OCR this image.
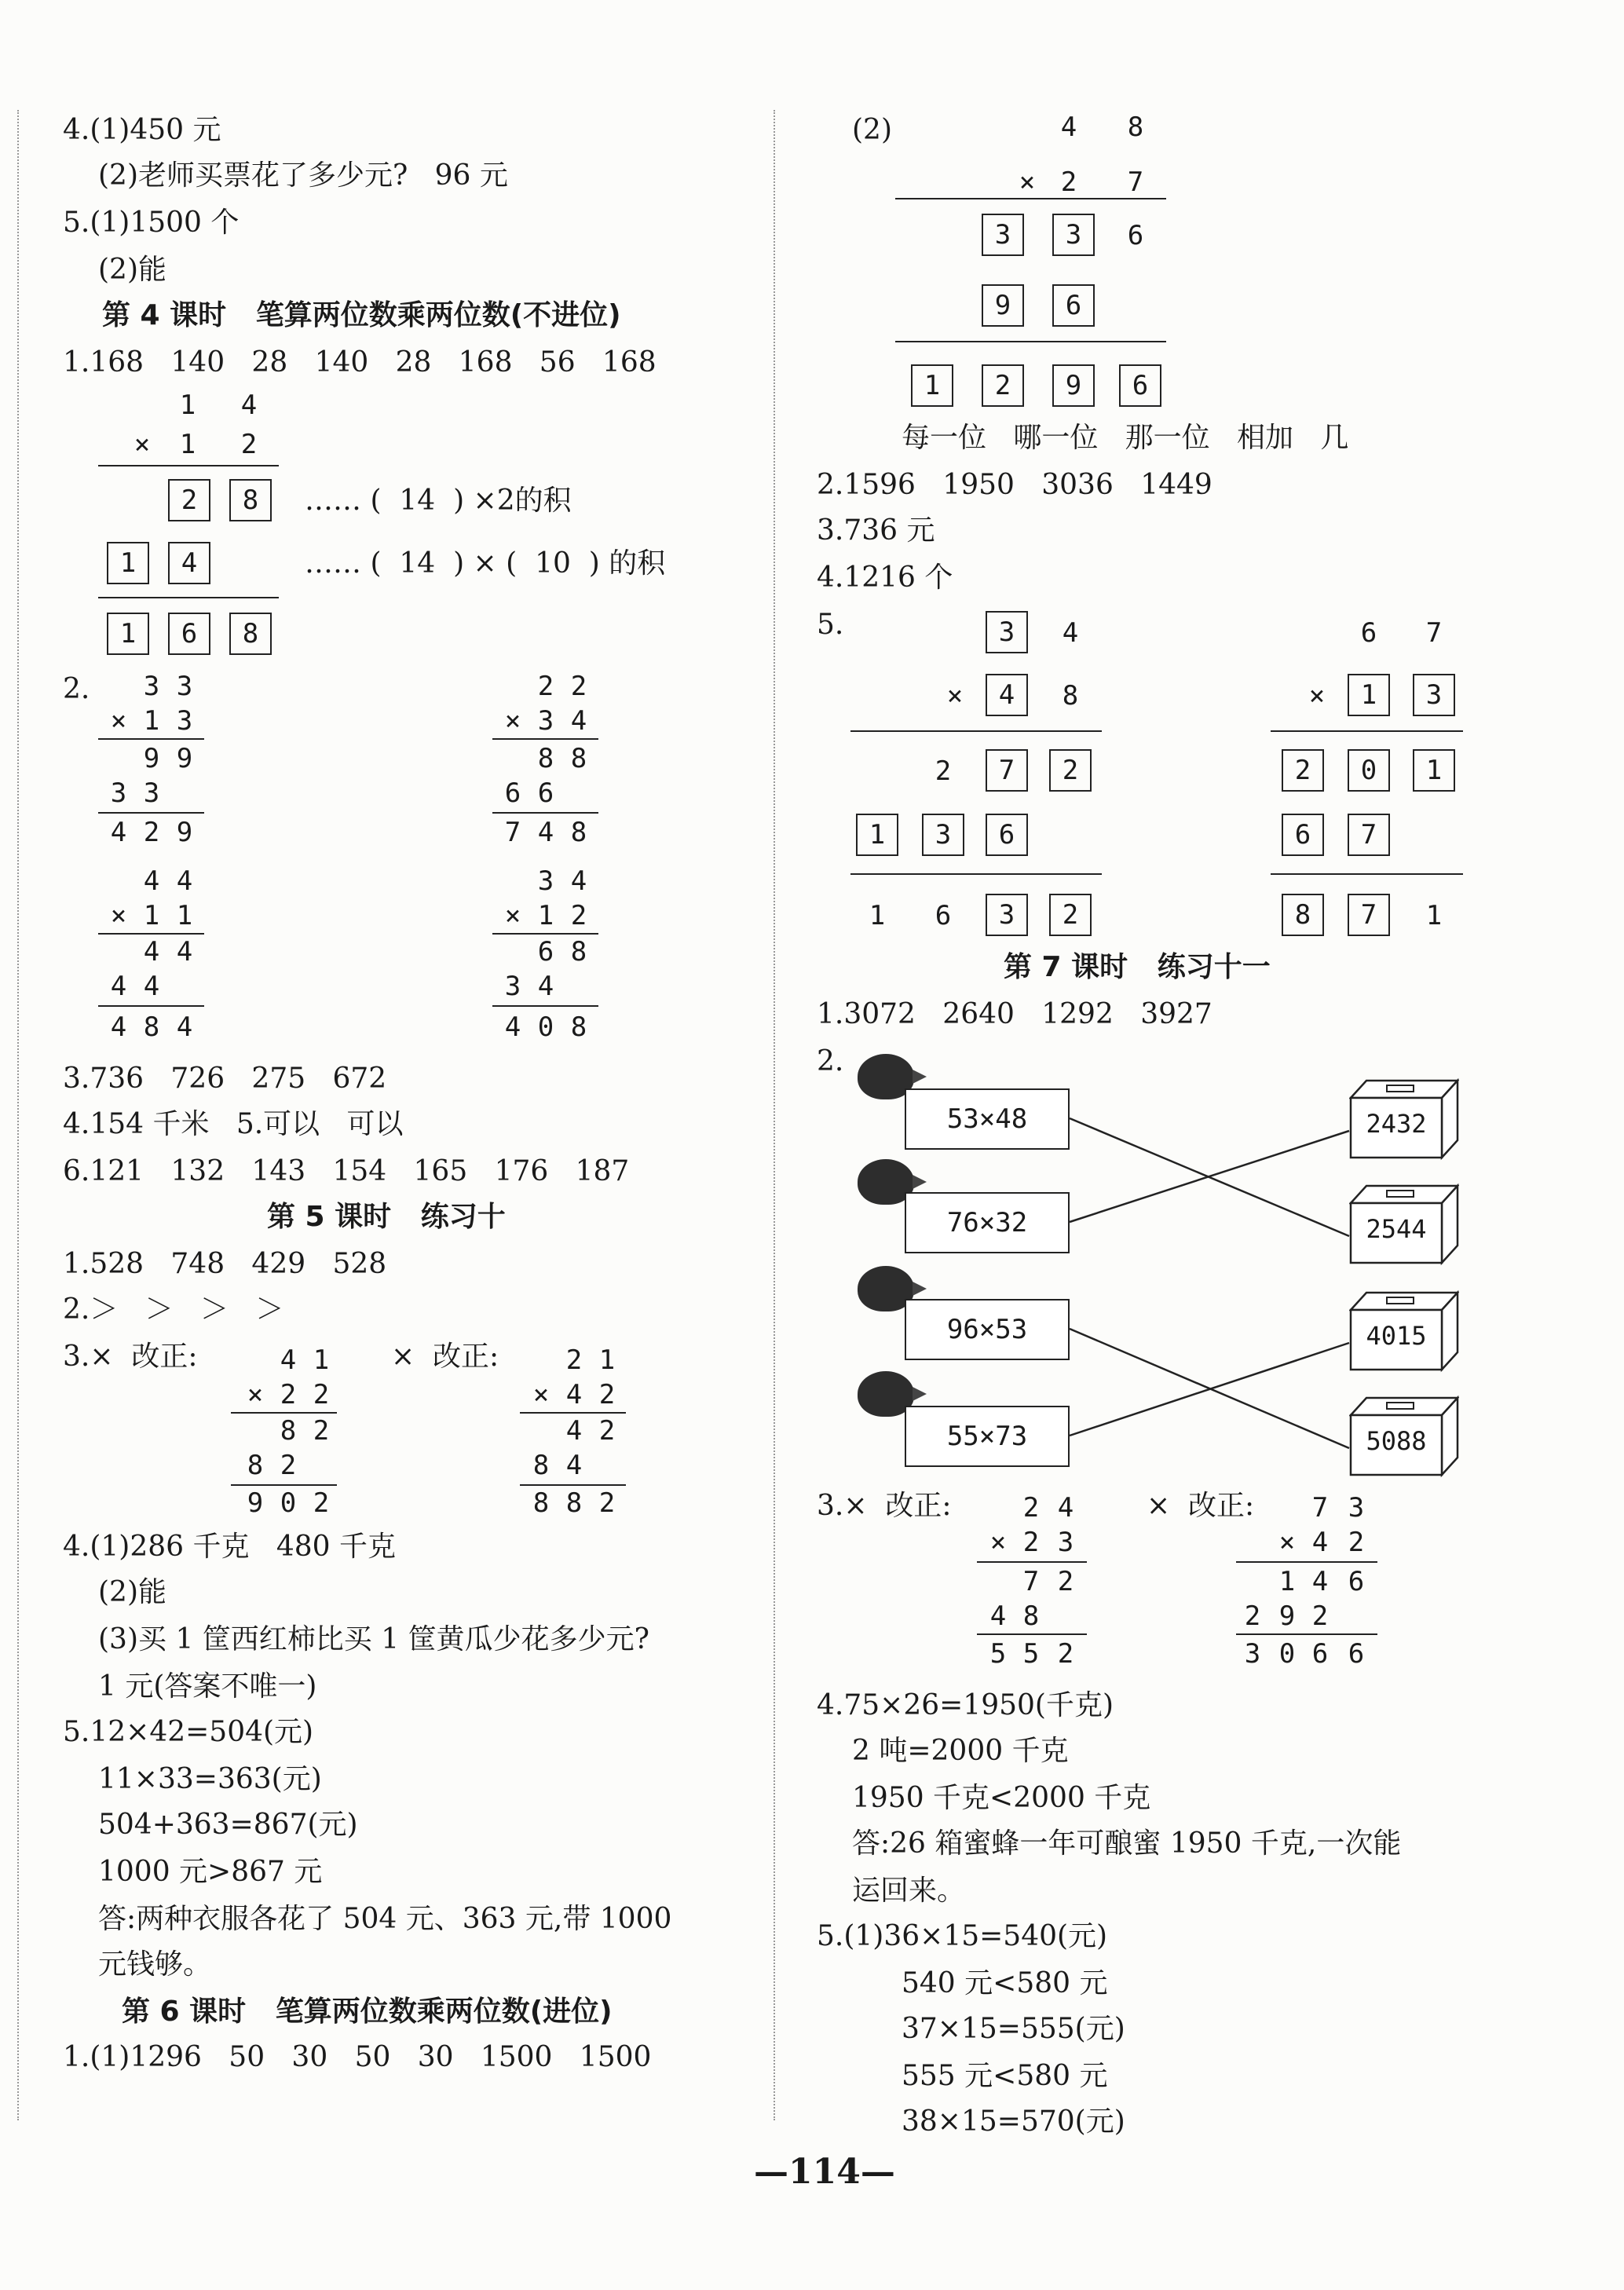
4.(1)450 元
(2)老师买票花了多少元?   96 元
5.(1)1500 个
(2)能
第 4 课时   笔算两位数乘两位数(不进位)
1.168   140   28   140   28   168   56   168
1	4
×	1	2
2	8	…… (  14  ) ×2的积
1	4	…… (  14  ) × (  10  ) 的积
1	6	8
2.	3 3
× 1 3
9 9
3 3
4 2 9
2 2
× 3 4
8 8
6 6
7 4 8
4 4
× 1 1
4 4
4 4
4 8 4
3 4
× 1 2
6 8
3 4
4 0 8
3.736   726   275   672
4.154 千米   5.可以   可以
6.121   132   143   154   165   176   187
第 5 课时   练习十
1.528   748   429   528
2.＞   ＞   ＞   ＞
3.×  改正:	×  改正:
4 1
× 2 2
8 2
8 2
9 0 2
2 1
× 4 2
4 2
8 4
8 8 2
4.(1)286 千克   480 千克
(2)能
(3)买 1 筐西红柿比买 1 筐黄瓜少花多少元?
1 元(答案不唯一)
5.12×42=504(元)
11×33=363(元)
504+363=867(元)
1000 元>867 元
答:两种衣服各花了 504 元、363 元,带 1000
元钱够。
第 6 课时   笔算两位数乘两位数(进位)
1.(1)1296   50   30   50   30   1500   1500
(2)	4	8
× 2	7
3	3	6
9	6
1	2	9	6
每一位   哪一位   那一位   相加   几
2.1596   1950   3036   1449
3.736 元
4.1216 个
5.	3	4
×	4	8
2	7	2
1	3	6
1	6	3	2
6	7
×	1	3
2	0	1
6	7
8	7	1
第 7 课时   练习十一
1.3072   2640   1292   3927
2.
53×48
76×32
96×53
55×73
2432
2544
4015
5088
3.×  改正:	×  改正:
2 4
× 2 3
7 2
4 8
5 5 2
7 3
× 4 2
1 4 6
2 9 2
3 0 6 6
4.75×26=1950(千克)
2 吨=2000 千克
1950 千克<2000 千克
答:26 箱蜜蜂一年可酿蜜 1950 千克,一次能
运回来。
5.(1)36×15=540(元)
540 元<580 元
37×15=555(元)
555 元<580 元
38×15=570(元)
—114—
